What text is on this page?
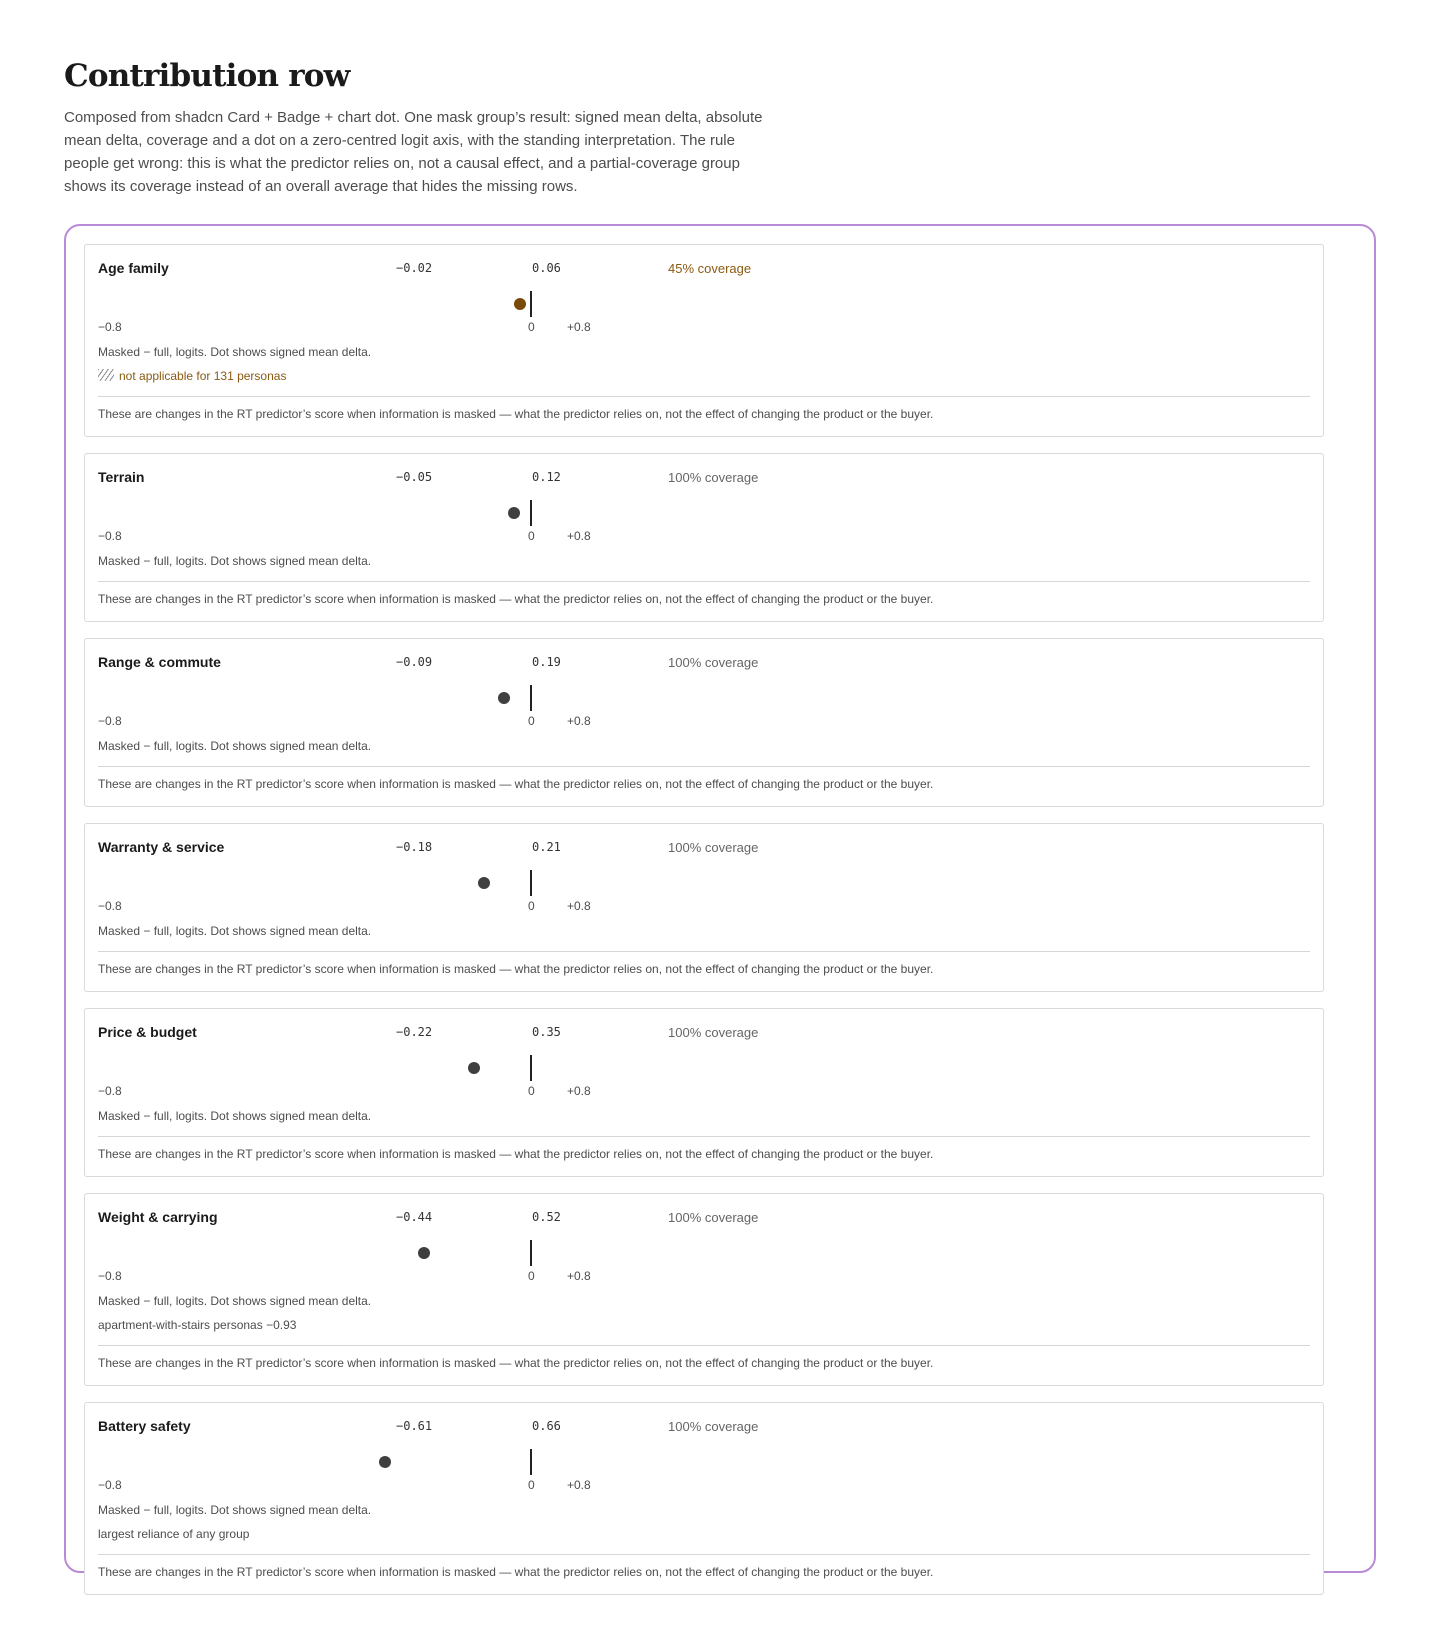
Contribution row

Composed from shadcn Card + Badge + chart dot. One mask group’s result: signed mean delta, absolute mean delta, coverage and a dot on a zero-centred logit axis, with the standing interpretation. The rule people get wrong: this is what the predictor relies on, not a causal effect, and a partial-coverage group shows its coverage instead of an overall average that hides the missing rows.

Age family	−0.02	0.06	45% coverage
−0.8	0	+0.8
Masked − full, logits. Dot shows signed mean delta.
not applicable for 131 personas
These are changes in the RT predictor’s score when information is masked — what the predictor relies on, not the effect of changing the product or the buyer.
Terrain	−0.05	0.12	100% coverage
−0.8	0	+0.8
Masked − full, logits. Dot shows signed mean delta.
These are changes in the RT predictor’s score when information is masked — what the predictor relies on, not the effect of changing the product or the buyer.
Range & commute	−0.09	0.19	100% coverage
−0.8	0	+0.8
Masked − full, logits. Dot shows signed mean delta.
These are changes in the RT predictor’s score when information is masked — what the predictor relies on, not the effect of changing the product or the buyer.
Warranty & service	−0.18	0.21	100% coverage
−0.8	0	+0.8
Masked − full, logits. Dot shows signed mean delta.
These are changes in the RT predictor’s score when information is masked — what the predictor relies on, not the effect of changing the product or the buyer.
Price & budget	−0.22	0.35	100% coverage
−0.8	0	+0.8
Masked − full, logits. Dot shows signed mean delta.
These are changes in the RT predictor’s score when information is masked — what the predictor relies on, not the effect of changing the product or the buyer.
Weight & carrying	−0.44	0.52	100% coverage
−0.8	0	+0.8
Masked − full, logits. Dot shows signed mean delta.
apartment-with-stairs personas −0.93
These are changes in the RT predictor’s score when information is masked — what the predictor relies on, not the effect of changing the product or the buyer.
Battery safety	−0.61	0.66	100% coverage
−0.8	0	+0.8
Masked − full, logits. Dot shows signed mean delta.
largest reliance of any group
These are changes in the RT predictor’s score when information is masked — what the predictor relies on, not the effect of changing the product or the buyer.
